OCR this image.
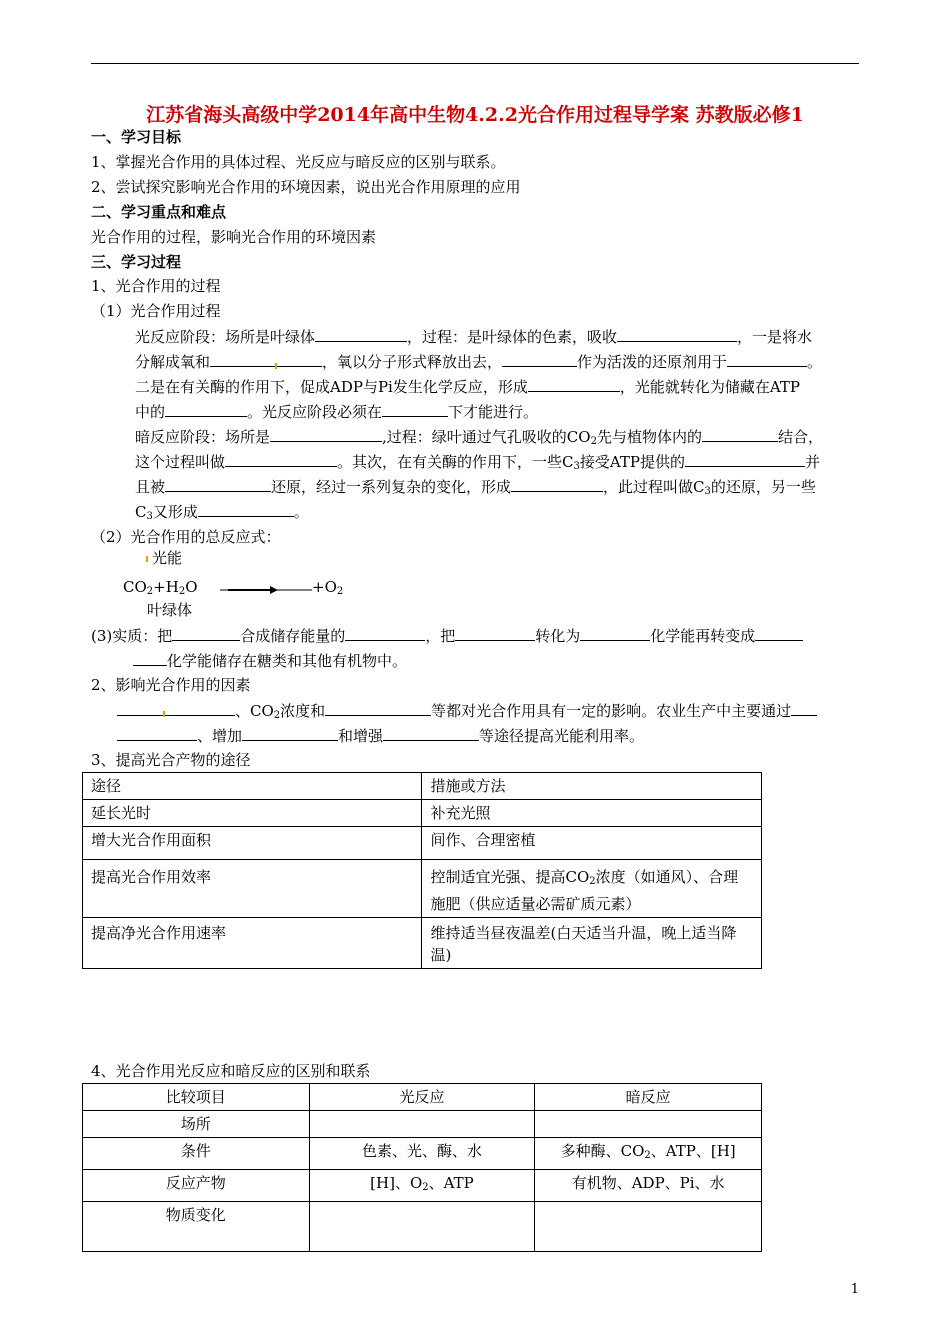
江苏省海头高级中学2014年高中生物4.2.2光合作用过程导学案 苏教版必修1
一、学习目标
1、掌握光合作用的具体过程、光反应与暗反应的区别与联系。
2、尝试探究影响光合作用的环境因素，说出光合作用原理的应用
二、学习重点和难点
光合作用的过程，影响光合作用的环境因素
三、学习过程
1、光合作用的过程
（1）光合作用过程
光反应阶段：场所是叶绿体	，过程：是叶绿体的色素，吸收	，一是将水
分解成氧和	，氧以分子形式释放出去，	作为活泼的还原剂用于	。
二是在有关酶的作用下，促成ADP与Pi发生化学反应，形成	，光能就转化为储藏在ATP
中的	。光反应阶段必须在	下才能进行。
暗反应阶段：场所是	,过程：绿叶通过气孔吸收的$CO_2$先与植物体内的	结合，
这个过程叫做	。其次，在有关酶的作用下，一些$C_3$接受ATP提供的	并
且被	还原，经过一系列复杂的变化，形成	，此过程叫做$C_3$的还原，另一些
$C_3$又形成	。
（2）光合作用的总反应式：
光能
$CO_2+H_2O$	$+O_2$
叶绿体
(3)实质：把	合成储存能量的	，把	转化为	化学能再转变成
化学能储存在糖类和其他有机物中。
2、影响光合作用的因素
、$CO_2$浓度和	等都对光合作用具有一定的影响。农业生产中主要通过
、增加	和增强	等途径提高光能利用率。
3、提高光合产物的途径
途径	措施或方法
延长光时	补充光照
增大光合作用面积	间作、合理密植
提高光合作用效率	控制适宜光强、提高$CO_2$浓度（如通风）、合理施肥（供应适量必需矿质元素）
提高净光合作用速率	维持适当昼夜温差(白天适当升温，晚上适当降温)
4、光合作用光反应和暗反应的区别和联系
比较项目	光反应	暗反应
场所		
条件	色素、光、酶、水	多种酶、$CO_2$、ATP、[H]
反应产物	[H]、$O_2$、ATP	有机物、ADP、Pi、水
物质变化		
1
